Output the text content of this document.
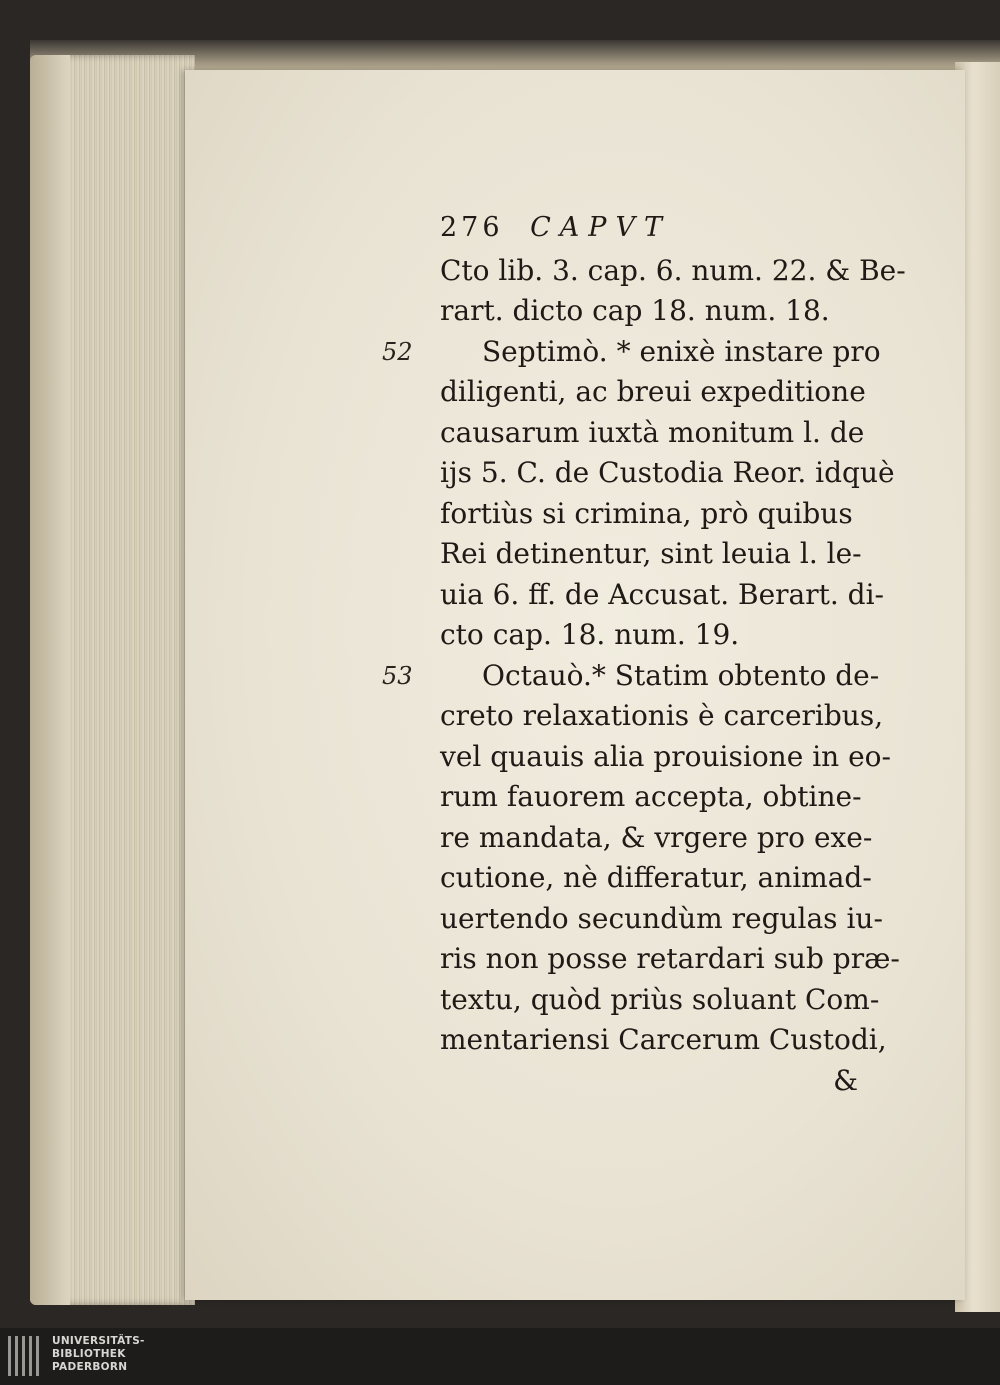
276 CAPVT
Cto lib. 3. cap. 6. num. 22. & Be-
rart. dicto cap 18. num. 18.
52	Septimò. * enixè instare pro
diligenti, ac breui expeditione
causarum iuxtà monitum l. de
ijs 5. C. de Custodia Reor. idquè
fortiùs si crimina, prò quibus
Rei detinentur, sint leuia l. le-
uia 6. ff. de Accusat. Berart. di-
cto cap. 18. num. 19.
53	Octauò.* Statim obtento de-
creto relaxationis è carceribus,
vel quauis alia prouisione in eo-
rum fauorem accepta, obtine-
re mandata, & vrgere pro exe-
cutione, nè differatur, animad-
uertendo secundùm regulas iu-
ris non posse retardari sub præ-
textu, quòd priùs soluant Com-
mentariensi Carcerum Custodi,
&
UNIVERSITÄTS-
BIBLIOTHEK
PADERBORN
